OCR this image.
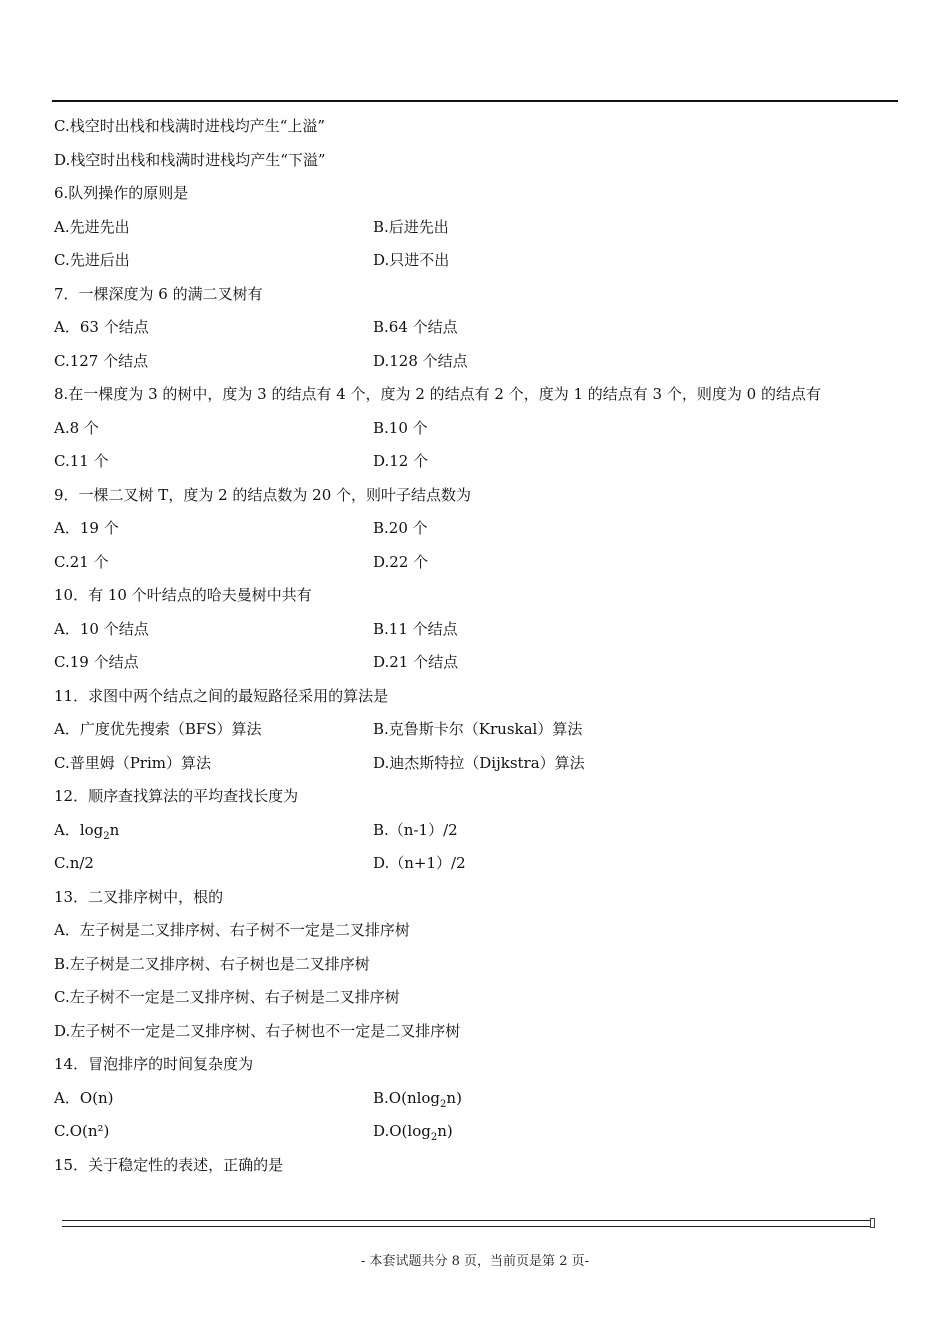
C.栈空时出栈和栈满时进栈均产生“上溢”
D.栈空时出栈和栈满时进栈均产生“下溢”
6.队列操作的原则是
A.先进先出	B.后进先出
C.先进后出	D.只进不出
7．一棵深度为 6 的满二叉树有
A．63 个结点	B.64 个结点
C.127 个结点	D.128 个结点
8.在一棵度为 3 的树中，度为 3 的结点有 4 个，度为 2 的结点有 2 个，度为 1 的结点有 3 个，则度为 0 的结点有
A.8 个	B.10 个
C.11 个	D.12 个
9．一棵二叉树 T，度为 2 的结点数为 20 个，则叶子结点数为
A．19 个	B.20 个
C.21 个	D.22 个
10．有 10 个叶结点的哈夫曼树中共有
A．10 个结点	B.11 个结点
C.19 个结点	D.21 个结点
11．求图中两个结点之间的最短路径采用的算法是
A．广度优先搜索（BFS）算法	B.克鲁斯卡尔（Kruskal）算法
C.普里姆（Prim）算法	D.迪杰斯特拉（Dijkstra）算法
12．顺序查找算法的平均查找长度为
A．$\log_2n$	B.（n-1）/2
C.n/2	D.（n+1）/2
13．二叉排序树中，根的
A．左子树是二叉排序树、右子树不一定是二叉排序树
B.左子树是二叉排序树、右子树也是二叉排序树
C.左子树不一定是二叉排序树、右子树是二叉排序树
D.左子树不一定是二叉排序树、右子树也不一定是二叉排序树
14．冒泡排序的时间复杂度为
A．O(n)	B.O(nlog$_2$n)
C.O(n²)	$D.O(\log_2n)$
15．关于稳定性的表述，正确的是
- 本套试题共分 8 页，当前页是第 2 页-
